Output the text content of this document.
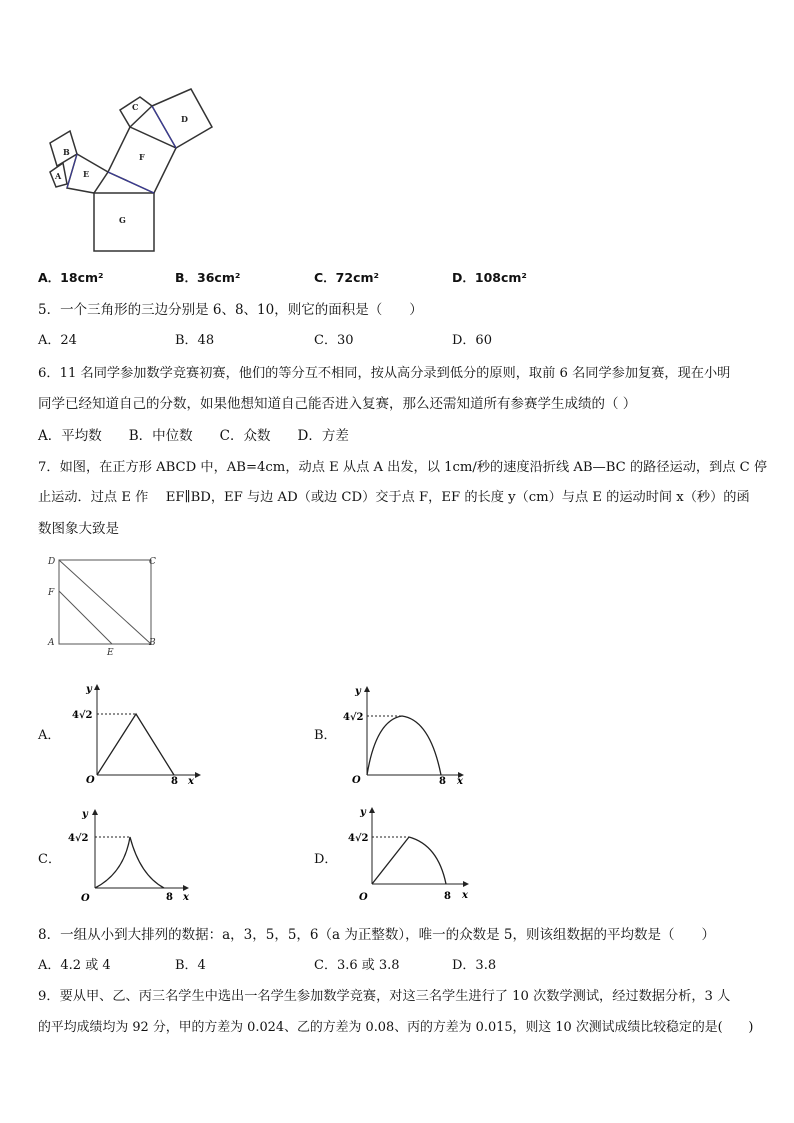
A
B
C
D
E
F
G
A．18cm²	B．36cm²	C．72cm²	D．108cm²
5．一个三角形的三边分别是 6、8、10，则它的面积是（　　）
A．24	B．48	C．30	D．60
6．11 名同学参加数学竞赛初赛，他们的等分互不相同，按从高分录到低分的原则，取前 6 名同学参加复赛，现在小明
同学已经知道自己的分数，如果他想知道自己能否进入复赛，那么还需知道所有参赛学生成绩的（ ）
A．平均数　　B．中位数　　C．众数　　D．方差
7．如图，在正方形 ABCD 中，AB=4cm，动点 E 从点 A 出发，以 1cm/秒的速度沿折线 AB—BC 的路径运动，到点 C 停
止运动．过点 E 作　 EF∥BD，EF 与边 AD（或边 CD）交于点 F，EF 的长度 y（cm）与点 E 的运动时间 x（秒）的函
数图象大致是
D	C
F
A
E
B
A．
y
4√2
O	8 x
B．
y
4√2
O	8 x
C．
y
4√2
O	8 x
D．
y
4√2
O	8 x
8．一组从小到大排列的数据：a，3，5，5，6（a 为正整数），唯一的众数是 5，则该组数据的平均数是（　　）
A．4.2 或 4	B．4	C．3.6 或 3.8	D．3.8
9．要从甲、乙、丙三名学生中选出一名学生参加数学竞赛，对这三名学生进行了 10 次数学测试，经过数据分析，3 人
的平均成绩均为 92 分，甲的方差为 0.024、乙的方差为 0.08、丙的方差为 0.015，则这 10 次测试成绩比较稳定的是(　　)
